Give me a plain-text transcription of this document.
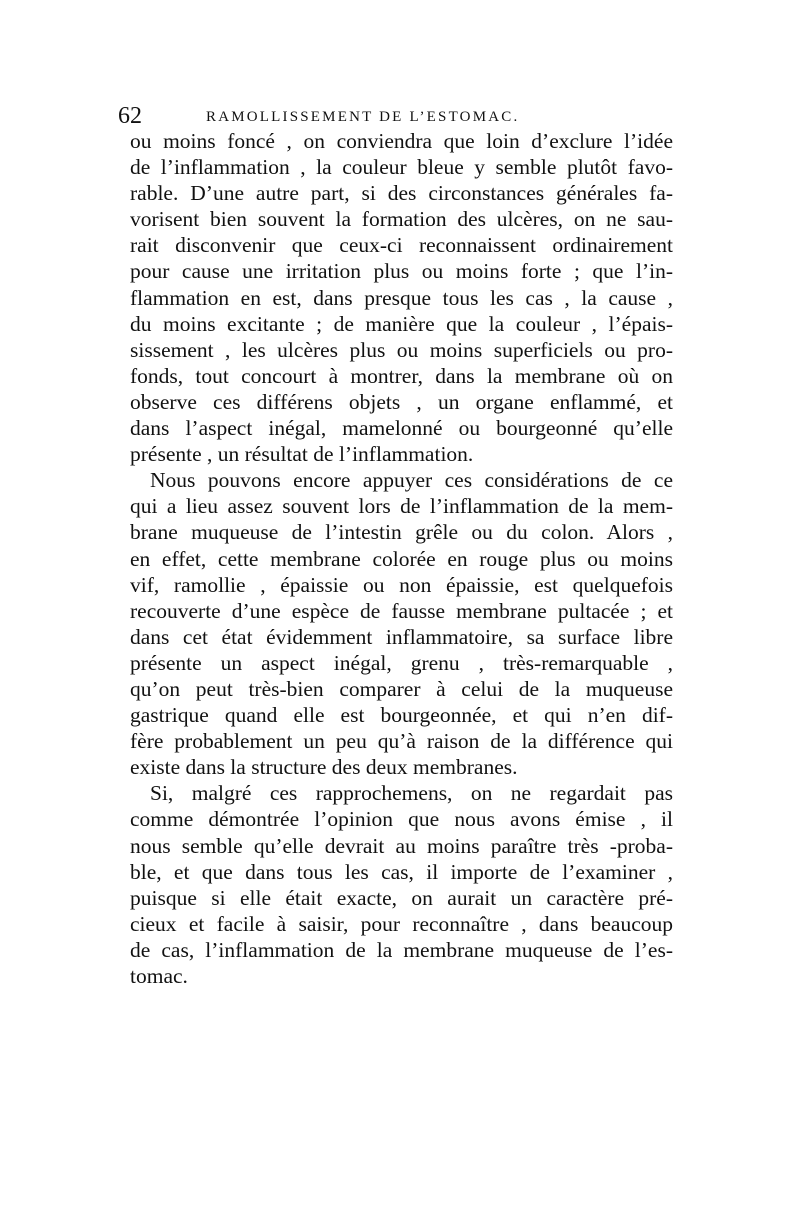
62	RAMOLLISSEMENT DE L’ESTOMAC.
ou moins foncé , on conviendra que loin d’exclure l’idée
de l’inflammation , la couleur bleue y semble plutôt favo-
rable. D’une autre part, si des circonstances générales fa-
vorisent bien souvent la formation des ulcères, on ne sau-
rait disconvenir que ceux-ci reconnaissent ordinairement
pour cause une irritation plus ou moins forte ; que l’in-
flammation en est, dans presque tous les cas , la cause ,
du moins excitante ; de manière que la couleur , l’épais-
sissement , les ulcères plus ou moins superficiels ou pro-
fonds, tout concourt à montrer, dans la membrane où on
observe ces différens objets , un organe enflammé, et
dans l’aspect inégal, mamelonné ou bourgeonné qu’elle
présente , un résultat de l’inflammation.
Nous pouvons encore appuyer ces considérations de ce
qui a lieu assez souvent lors de l’inflammation de la mem-
brane muqueuse de l’intestin grêle ou du colon. Alors ,
en effet, cette membrane colorée en rouge plus ou moins
vif, ramollie , épaissie ou non épaissie, est quelquefois
recouverte d’une espèce de fausse membrane pultacée ; et
dans cet état évidemment inflammatoire, sa surface libre
présente un aspect inégal, grenu , très-remarquable ,
qu’on peut très-bien comparer à celui de la muqueuse
gastrique quand elle est bourgeonnée, et qui n’en dif-
fère probablement un peu qu’à raison de la différence qui
existe dans la structure des deux membranes.
Si, malgré ces rapprochemens, on ne regardait pas
comme démontrée l’opinion que nous avons émise , il
nous semble qu’elle devrait au moins paraître très -proba-
ble, et que dans tous les cas, il importe de l’examiner ,
puisque si elle était exacte, on aurait un caractère pré-
cieux et facile à saisir, pour reconnaître , dans beaucoup
de cas, l’inflammation de la membrane muqueuse de l’es-
tomac.
